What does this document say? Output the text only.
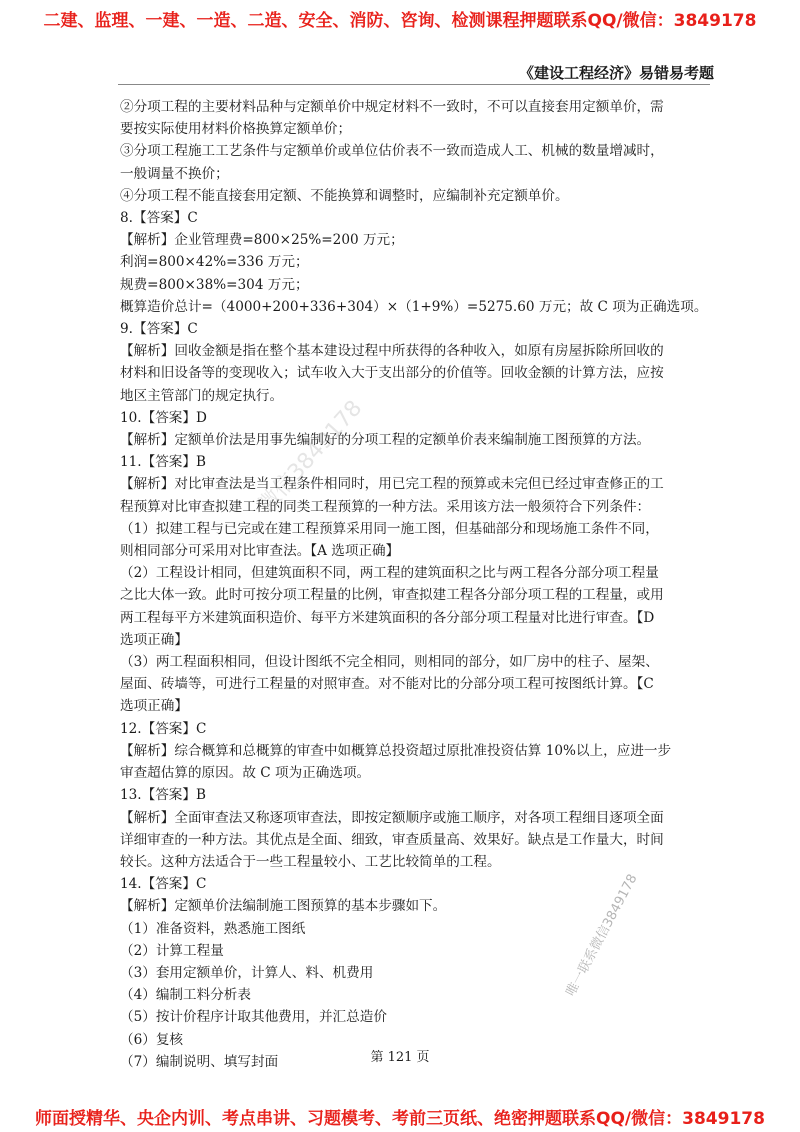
二建、监理、一建、一造、二造、安全、消防、咨询、检测课程押题联系QQ/微信：3849178
《建设工程经济》易错易考题
②分项工程的主要材料品种与定额单价中规定材料不一致时，不可以直接套用定额单价，需
要按实际使用材料价格换算定额单价；
③分项工程施工工艺条件与定额单价或单位估价表不一致而造成人工、机械的数量增减时，
一般调量不换价；
④分项工程不能直接套用定额、不能换算和调整时，应编制补充定额单价。
8.【答案】C
【解析】企业管理费=800×25%=200 万元；
利润=800×42%=336 万元；
规费=800×38%=304 万元；
概算造价总计=（4000+200+336+304）×（1+9%）=5275.60 万元；故 C 项为正确选项。
9.【答案】C
【解析】回收金额是指在整个基本建设过程中所获得的各种收入，如原有房屋拆除所回收的
材料和旧设备等的变现收入；试车收入大于支出部分的价值等。回收金额的计算方法，应按
地区主管部门的规定执行。
10.【答案】D
【解析】定额单价法是用事先编制好的分项工程的定额单价表来编制施工图预算的方法。
11.【答案】B
【解析】对比审查法是当工程条件相同时，用已完工程的预算或未完但已经过审查修正的工
程预算对比审查拟建工程的同类工程预算的一种方法。采用该方法一般须符合下列条件：
（1）拟建工程与已完或在建工程预算采用同一施工图，但基础部分和现场施工条件不同，
则相同部分可采用对比审查法。【A 选项正确】
（2）工程设计相同，但建筑面积不同，两工程的建筑面积之比与两工程各分部分项工程量
之比大体一致。此时可按分项工程量的比例，审查拟建工程各分部分项工程的工程量，或用
两工程每平方米建筑面积造价、每平方米建筑面积的各分部分项工程量对比进行审查。【D
选项正确】
（3）两工程面积相同，但设计图纸不完全相同，则相同的部分，如厂房中的柱子、屋架、
屋面、砖墙等，可进行工程量的对照审查。对不能对比的分部分项工程可按图纸计算。【C
选项正确】
12.【答案】C
【解析】综合概算和总概算的审查中如概算总投资超过原批准投资估算 10%以上，应进一步
审查超估算的原因。故 C 项为正确选项。
13.【答案】B
【解析】全面审查法又称逐项审查法，即按定额顺序或施工顺序，对各项工程细目逐项全面
详细审查的一种方法。其优点是全面、细致，审查质量高、效果好。缺点是工作量大，时间
较长。这种方法适合于一些工程量较小、工艺比较简单的工程。
14.【答案】C
【解析】定额单价法编制施工图预算的基本步骤如下。
（1）准备资料，熟悉施工图纸
（2）计算工程量
（3）套用定额单价，计算人、料、机费用
（4）编制工料分析表
（5）按计价程序计取其他费用，并汇总造价
（6）复核
（7）编制说明、填写封面
微信3849178
唯一联系微信3849178
第 121 页
师面授精华、央企内训、考点串讲、习题模考、考前三页纸、绝密押题联系QQ/微信：3849178
